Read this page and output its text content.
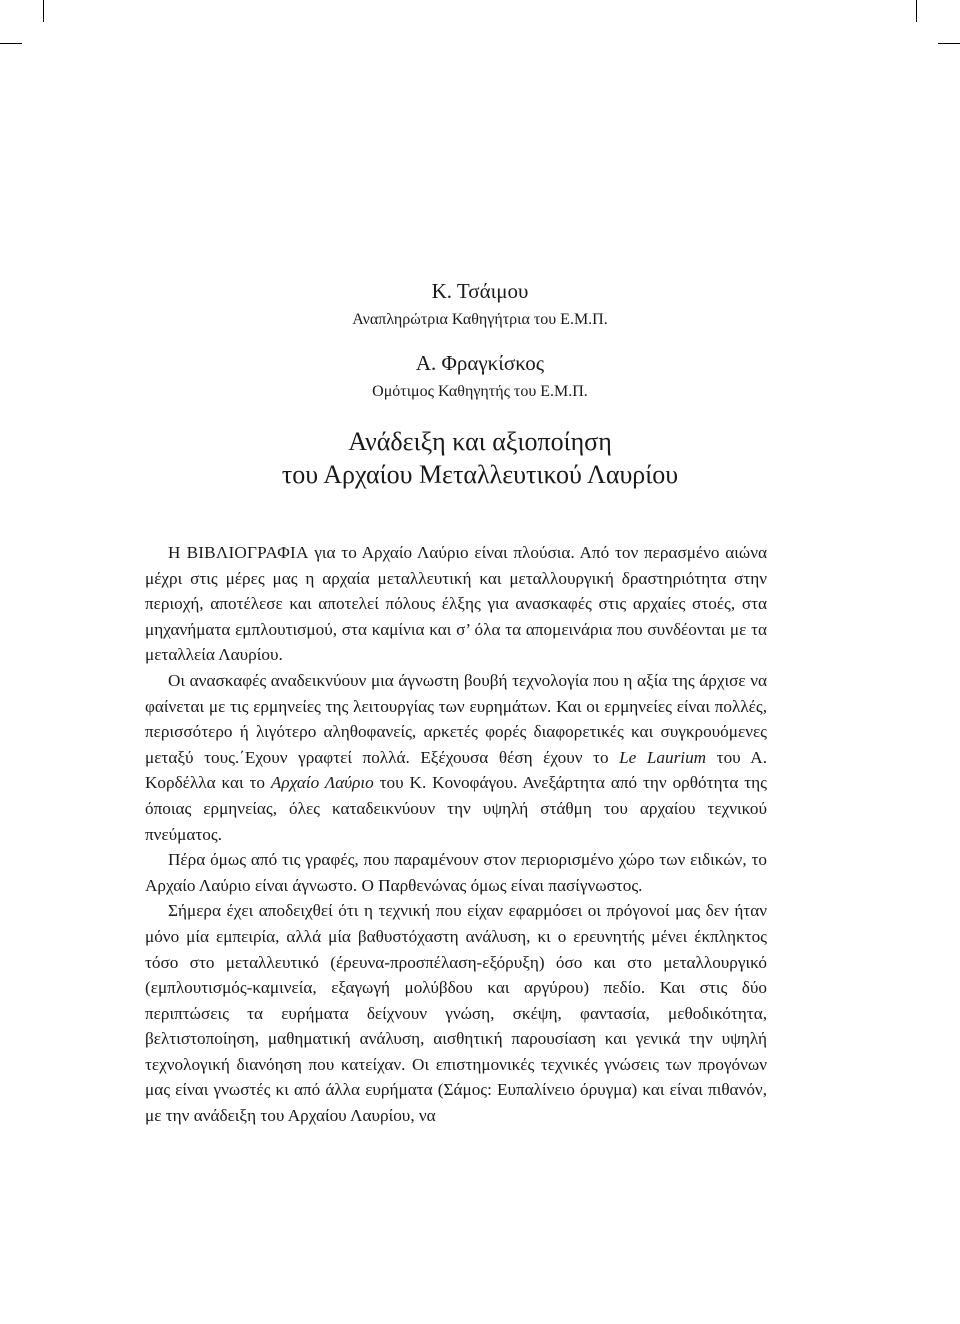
Κ. Τσάιμου
Αναπληρώτρια Καθηγήτρια του Ε.Μ.Π.
Α. Φραγκίσκος
Ομότιμος Καθηγητής του Ε.Μ.Π.
Ανάδειξη και αξιοποίηση
του Αρχαίου Μεταλλευτικού Λαυρίου

Η ΒΙΒΛΙΟΓΡΑΦΙΑ για το Αρχαίο Λαύριο είναι πλούσια. Από τον περασμένο αιώνα μέχρι στις μέρες μας η αρχαία μεταλλευτική και μεταλλουργική δραστηριότητα στην περιοχή, αποτέλεσε και αποτελεί πόλους έλξης για ανασκαφές στις αρχαίες στοές, στα μηχανήματα εμπλουτισμού, στα καμίνια και σ’ όλα τα απομεινάρια που συνδέονται με τα μεταλλεία Λαυρίου.

Οι ανασκαφές αναδεικνύουν μια άγνωστη βουβή τεχνολογία που η αξία της άρχισε να φαίνεται με τις ερμηνείες της λειτουργίας των ευρημάτων. Και οι ερμηνείες είναι πολλές, περισσότερο ή λιγότερο αληθοφανείς, αρκετές φορές διαφορετικές και συγκρουόμενες μεταξύ τους.΄Εχουν γραφτεί πολλά. Εξέχουσα θέση έχουν το Le Laurium του Α. Κορδέλλα και το Αρχαίο Λαύριο του Κ. Κονοφάγου. Ανεξάρτητα από την ορθότητα της όποιας ερμηνείας, όλες καταδεικνύουν την υψηλή στάθμη του αρχαίου τεχνικού πνεύματος.

Πέρα όμως από τις γραφές, που παραμένουν στον περιορισμένο χώρο των ειδικών, το Αρχαίο Λαύριο είναι άγνωστο. Ο Παρθενώνας όμως είναι πασίγνωστος.

Σήμερα έχει αποδειχθεί ότι η τεχνική που είχαν εφαρμόσει οι πρόγονοί μας δεν ήταν μόνο μία εμπειρία, αλλά μία βαθυστόχαστη ανάλυση, κι ο ερευνητής μένει έκπληκτος τόσο στο μεταλλευτικό (έρευνα-προσπέλαση-εξόρυξη) όσο και στο μεταλλουργικό (εμπλουτισμός-καμινεία, εξαγωγή μολύβδου και αργύρου) πεδίο. Και στις δύο περιπτώσεις τα ευρήματα δείχνουν γνώση, σκέψη, φαντασία, μεθοδικότητα, βελτιστοποίηση, μαθηματική ανάλυση, αισθητική παρουσίαση και γενικά την υψηλή τεχνολογική διανόηση που κατείχαν. Οι επιστημονικές τεχνικές γνώσεις των προγόνων μας είναι γνωστές κι από άλλα ευρήματα (Σάμος: Ευπαλίνειο όρυγμα) και είναι πιθανόν, με την ανάδειξη του Αρχαίου Λαυρίου, να
